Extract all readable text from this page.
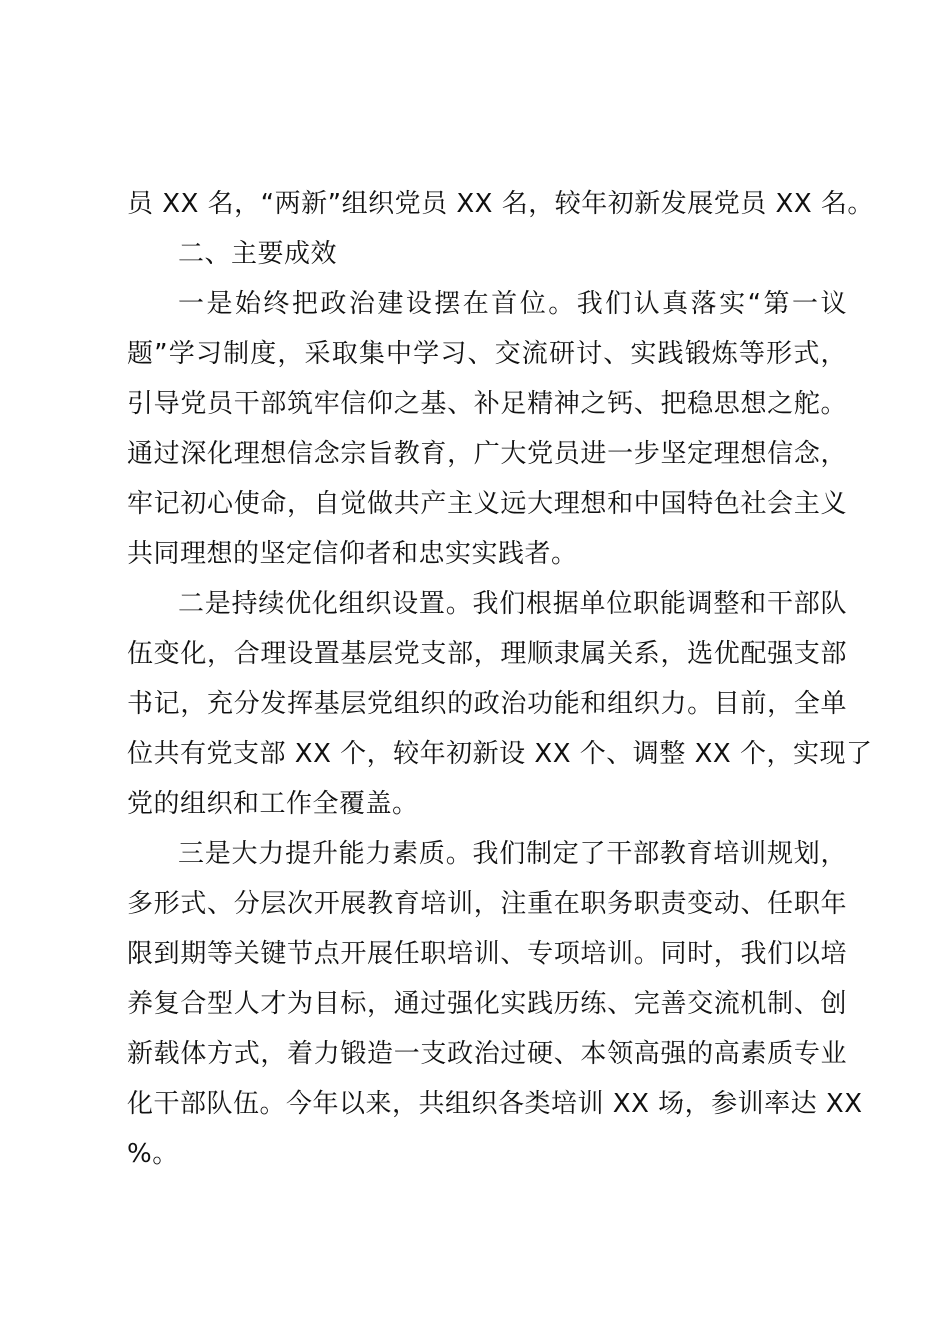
员 XX 名，“两新”组织党员 XX 名，较年初新发展党员 XX 名。
二、主要成效
一是始终把政治建设摆在首位。我们认真落实“第一议
题”学习制度，采取集中学习、交流研讨、实践锻炼等形式，
引导党员干部筑牢信仰之基、补足精神之钙、把稳思想之舵。
通过深化理想信念宗旨教育，广大党员进一步坚定理想信念，
牢记初心使命，自觉做共产主义远大理想和中国特色社会主义
共同理想的坚定信仰者和忠实实践者。
二是持续优化组织设置。我们根据单位职能调整和干部队
伍变化，合理设置基层党支部，理顺隶属关系，选优配强支部
书记，充分发挥基层党组织的政治功能和组织力。目前，全单
位共有党支部 XX 个，较年初新设 XX 个、调整 XX 个，实现了
党的组织和工作全覆盖。
三是大力提升能力素质。我们制定了干部教育培训规划，
多形式、分层次开展教育培训，注重在职务职责变动、任职年
限到期等关键节点开展任职培训、专项培训。同时，我们以培
养复合型人才为目标，通过强化实践历练、完善交流机制、创
新载体方式，着力锻造一支政治过硬、本领高强的高素质专业
化干部队伍。今年以来，共组织各类培训 XX 场，参训率达 XX
%。
